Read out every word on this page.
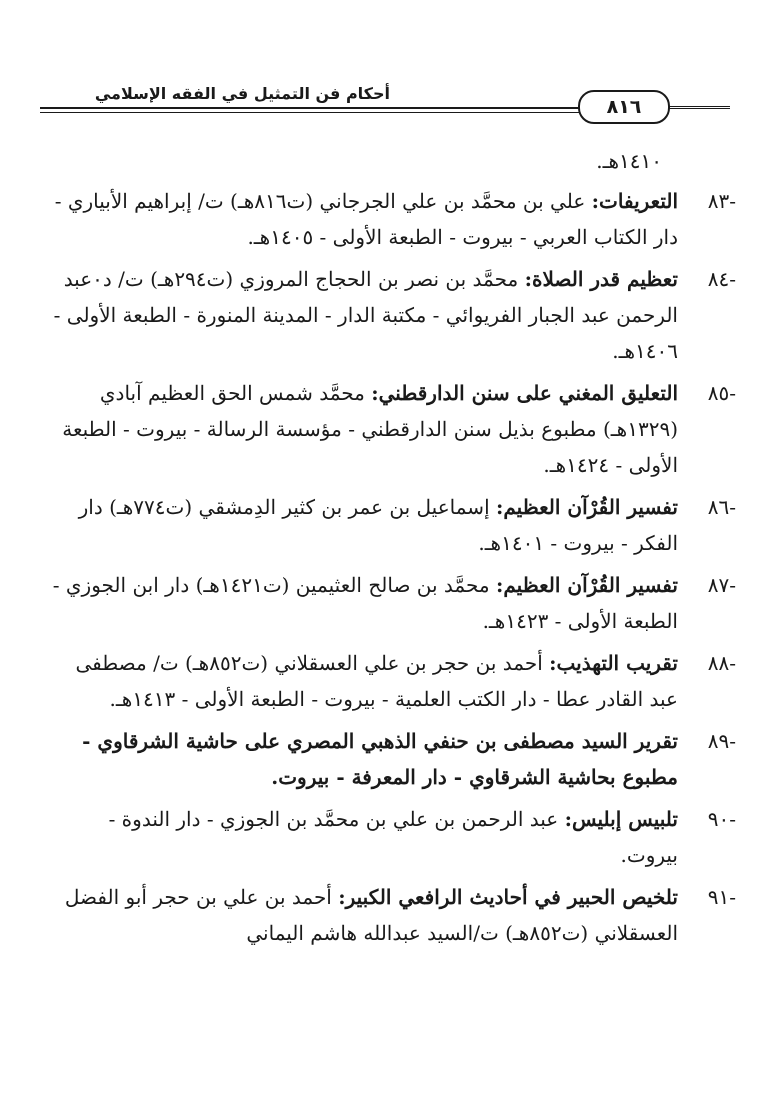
أحكام فن التمثيل في الفقه الإسلامي
٨١٦
١٤١٠هـ.
-٨٣التعريفات: علي بن محمَّد بن علي الجرجاني (ت٨١٦هـ) ت/ إبراهيم الأبياري - دار الكتاب العربي - بيروت - الطبعة الأولى - ١٤٠٥هـ.
-٨٤تعظيم قدر الصلاة: محمَّد بن نصر بن الحجاج المروزي (ت٢٩٤هـ) ت/ د٠عبد الرحمن عبد الجبار الفريوائي - مكتبة الدار - المدينة المنورة - الطبعة الأولى - ١٤٠٦هـ.
-٨٥التعليق المغني على سنن الدارقطني: محمَّد شمس الحق العظيم آبادي (١٣٢٩هـ) مطبوع بذيل سنن الدارقطني - مؤسسة الرسالة - بيروت - الطبعة الأولى - ١٤٢٤هـ.
-٨٦تفسير القُرْآن العظيم: إسماعيل بن عمر بن كثير الدِمشقي (ت٧٧٤هـ) دار الفكر - بيروت - ١٤٠١هـ.
-٨٧تفسير القُرْآن العظيم: محمَّد بن صالح العثيمين (ت١٤٢١هـ) دار ابن الجوزي - الطبعة الأولى - ١٤٢٣هـ.
-٨٨تقريب التهذيب: أحمد بن حجر بن علي العسقلاني (ت٨٥٢هـ) ت/ مصطفى عبد القادر عطا - دار الكتب العلمية - بيروت - الطبعة الأولى - ١٤١٣هـ.
-٨٩تقرير السيد مصطفى بن حنفي الذهبي المصري على حاشية الشرقاوي - مطبوع بحاشية الشرقاوي - دار المعرفة - بيروت.
-٩٠تلبيس إبليس: عبد الرحمن بن علي بن محمَّد بن الجوزي - دار الندوة - بيروت.
-٩١تلخيص الحبير في أحاديث الرافعي الكبير: أحمد بن علي بن حجر أبو الفضل العسقلاني (ت٨٥٢هـ) ت/السيد عبدالله هاشم اليماني
